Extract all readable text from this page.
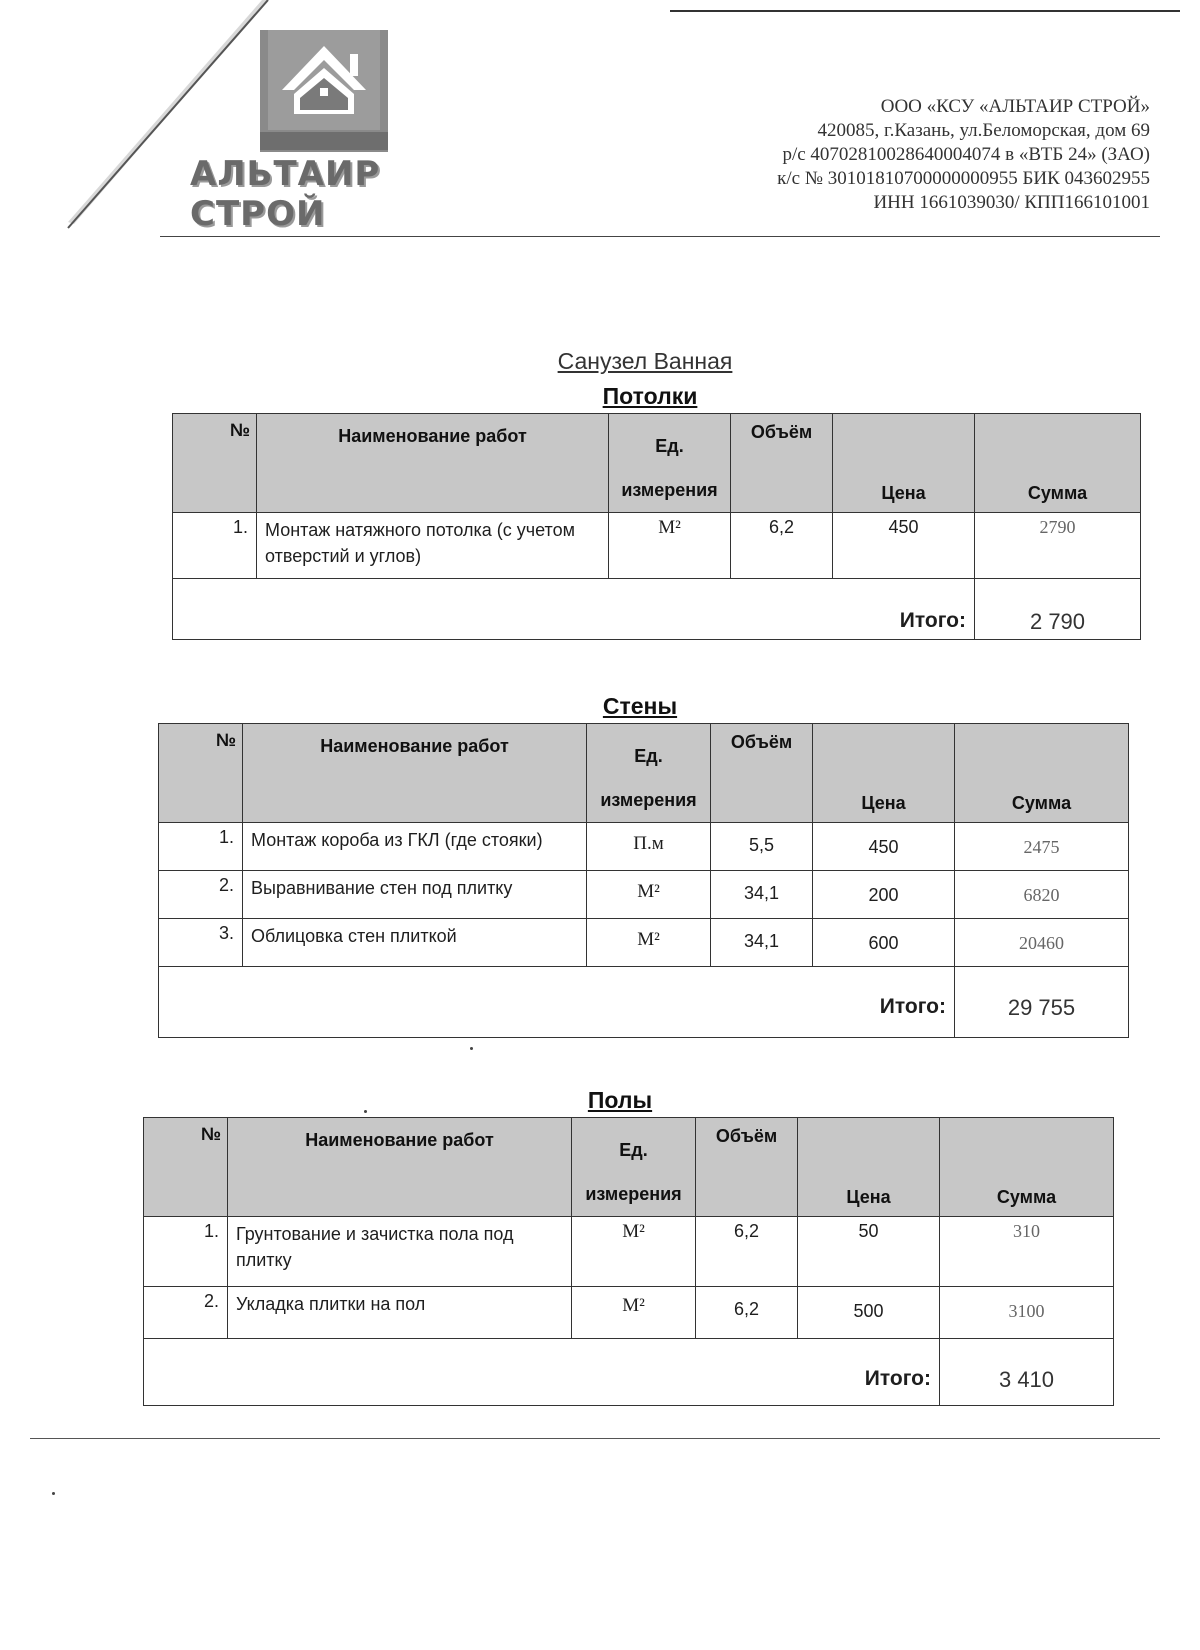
АЛЬТАИР СТРОЙ
ООО «КСУ «АЛЬТАИР СТРОЙ»
420085, г.Казань, ул.Беломорская, дом 69
р/с 40702810028640004074 в «ВТБ 24» (ЗАО)
к/с № 30101810700000000955 БИК 043602955
ИНН 1661039030/ КПП166101001
Санузел Ванная
Потолки
№	Наименование работ	Ед. измерения	Объём	Цена	Сумма
1.	Монтаж натяжного потолка (с учетом отверстий и углов)	М²	6,2	450	2790
Итого:					2 790
Стены
№	Наименование работ	Ед. измерения	Объём	Цена	Сумма
1.	Монтаж короба из ГКЛ (где стояки)	П.м	5,5	450	2475
2.	Выравнивание стен под плитку	М²	34,1	200	6820
3.	Облицовка стен плиткой	М²	34,1	600	20460
Итого:					29 755
Полы
№	Наименование работ	Ед. измерения	Объём	Цена	Сумма
1.	Грунтование и зачистка пола под плитку	М²	6,2	50	310
2.	Укладка плитки на пол	М²	6,2	500	3100
Итого:					3 410
